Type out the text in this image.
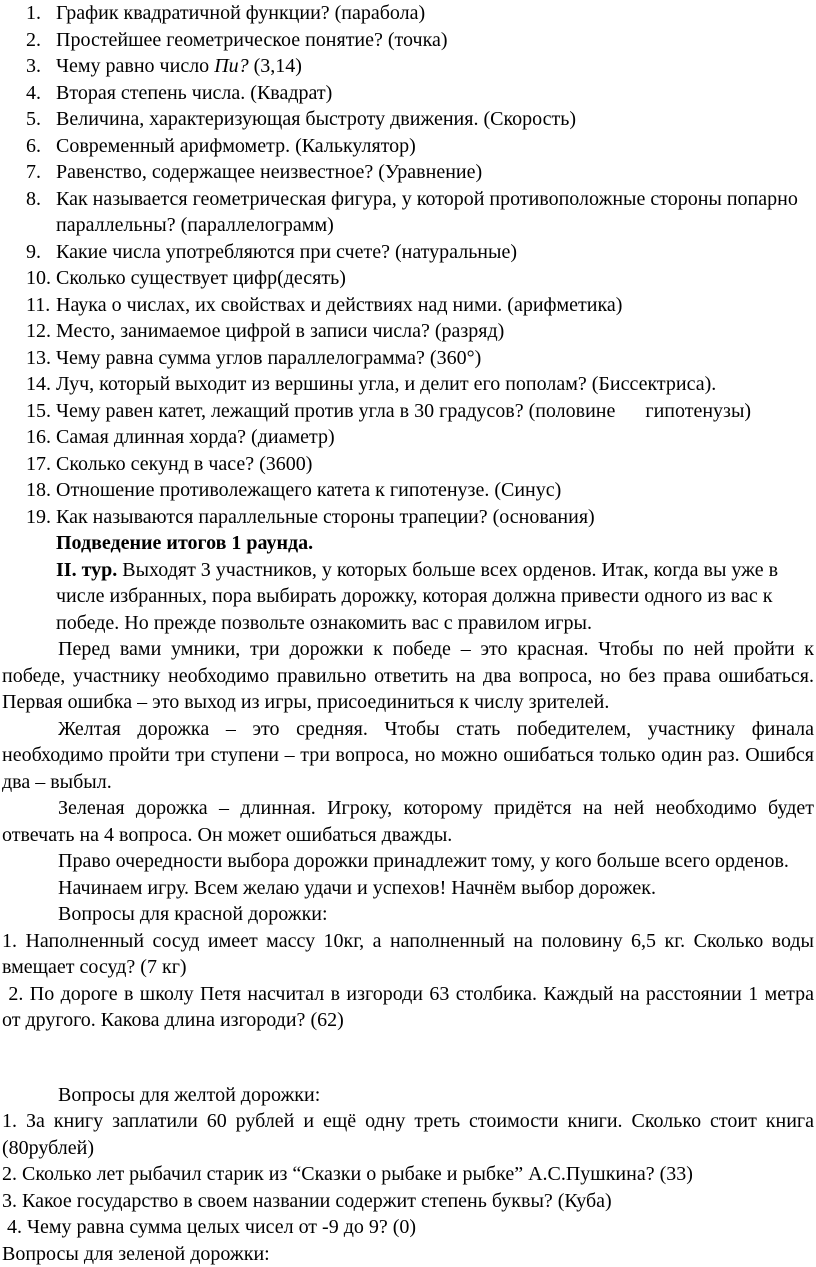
1. График квадратичной функции? (парабола)
2. Простейшее геометрическое понятие? (точка)
3. Чему равно число Пи? (3,14)
4. Вторая степень числа. (Квадрат)
5. Величина, характеризующая быстроту движения. (Скорость)
6. Современный арифмометр. (Калькулятор)
7. Равенство, содержащее неизвестное? (Уравнение)
8. Как называется геометрическая фигура, у которой противоположные стороны попарно параллельны? (параллелограмм)
9. Какие числа употребляются при счете? (натуральные)
10. Сколько существует цифр(десять)
11. Наука о числах, их свойствах и действиях над ними. (арифметика)
12. Место, занимаемое цифрой в записи числа? (разряд)
13. Чему равна сумма углов параллелограмма? (360°)
14. Луч, который выходит из вершины угла, и делит его пополам? (Биссектриса).
15. Чему равен катет, лежащий против угла в 30 градусов? (половине      гипотенузы)
16. Самая длинная хорда? (диаметр)
17. Сколько секунд в часе? (3600)
18. Отношение противолежащего катета к гипотенузе. (Синус)
19. Как называются параллельные стороны трапеции? (основания)

Подведение итогов 1 раунда.

II. тур. Выходят 3 участников, у которых больше всех орденов. Итак, когда вы уже в числе избранных, пора выбирать дорожку, которая должна привести одного из вас к победе. Но прежде позвольте ознакомить вас с правилом игры.

Перед вами умники, три дорожки к победе – это красная. Чтобы по ней пройти к победе, участнику необходимо правильно ответить на два вопроса, но без права ошибаться. Первая ошибка – это выход из игры, присоединиться к числу зрителей.

Желтая дорожка – это средняя. Чтобы стать победителем, участнику финала необходимо пройти три ступени – три вопроса, но можно ошибаться только один раз. Ошибся два – выбыл.

Зеленая дорожка – длинная. Игроку, которому придётся на ней необходимо будет отвечать на 4 вопроса. Он может ошибаться дважды.

Право очередности выбора дорожки принадлежит тому, у кого больше всего орденов.

Начинаем игру. Всем желаю удачи и успехов! Начнём выбор дорожек.

Вопросы для красной дорожки:

1. Наполненный сосуд имеет массу 10кг, а наполненный на половину 6,5 кг. Сколько воды вмещает сосуд? (7 кг)

2. По дороге в школу Петя насчитал в изгороди 63 столбика. Каждый на расстоянии 1 метра от другого. Какова длина изгороди? (62)

Вопросы для желтой дорожки:

1. За книгу заплатили 60 рублей и ещё одну треть стоимости книги. Сколько стоит книга (80рублей)

2. Сколько лет рыбачил старик из “Сказки о рыбаке и рыбке” А.С.Пушкина? (33)

3. Какое государство в своем названии содержит степень буквы? (Куба)

4. Чему равна сумма целых чисел от -9 до 9? (0)

Вопросы для зеленой дорожки:
